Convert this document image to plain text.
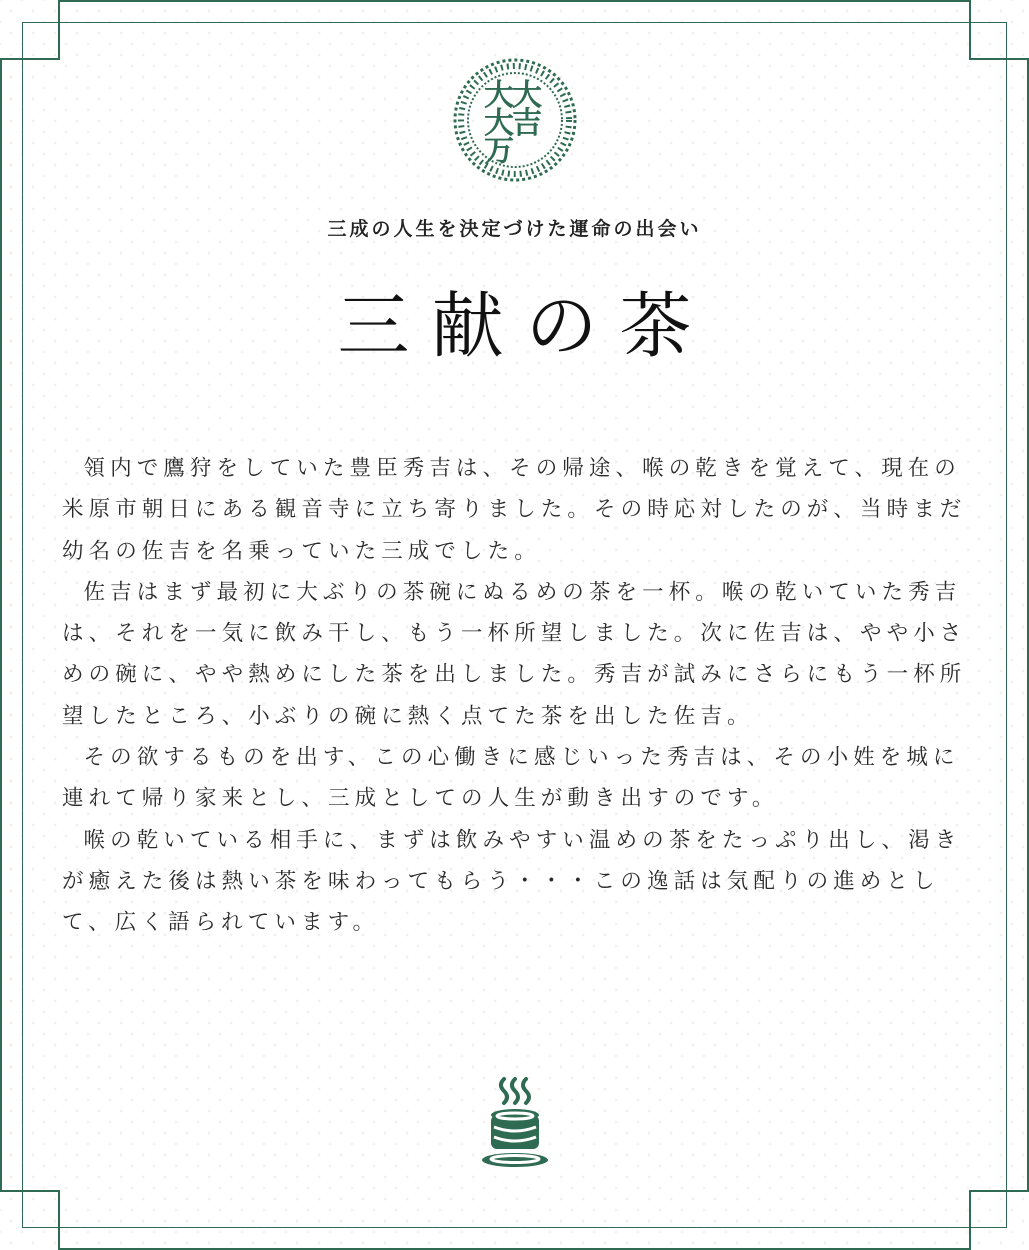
大
大
大
吉
万
三成の人生を決定づけた運命の出会い
三献の茶

領内で鷹狩をしていた豊臣秀吉は、その帰途、喉の乾きを覚えて、現在の米原市朝日にある観音寺に立ち寄りました。その時応対したのが、当時まだ幼名の佐吉を名乗っていた三成でした。

佐吉はまず最初に大ぶりの茶碗にぬるめの茶を一杯。喉の乾いていた秀吉は、それを一気に飲み干し、もう一杯所望しました。次に佐吉は、やや小さめの碗に、やや熱めにした茶を出しました。秀吉が試みにさらにもう一杯所望したところ、小ぶりの碗に熱く点てた茶を出した佐吉。

その欲するものを出す、この心働きに感じいった秀吉は、その小姓を城に連れて帰り家来とし、三成としての人生が動き出すのです。

喉の乾いている相手に、まずは飲みやすい温めの茶をたっぷり出し、渇きが癒えた後は熱い茶を味わってもらう・・・この逸話は気配りの進めとして、広く語られています。
